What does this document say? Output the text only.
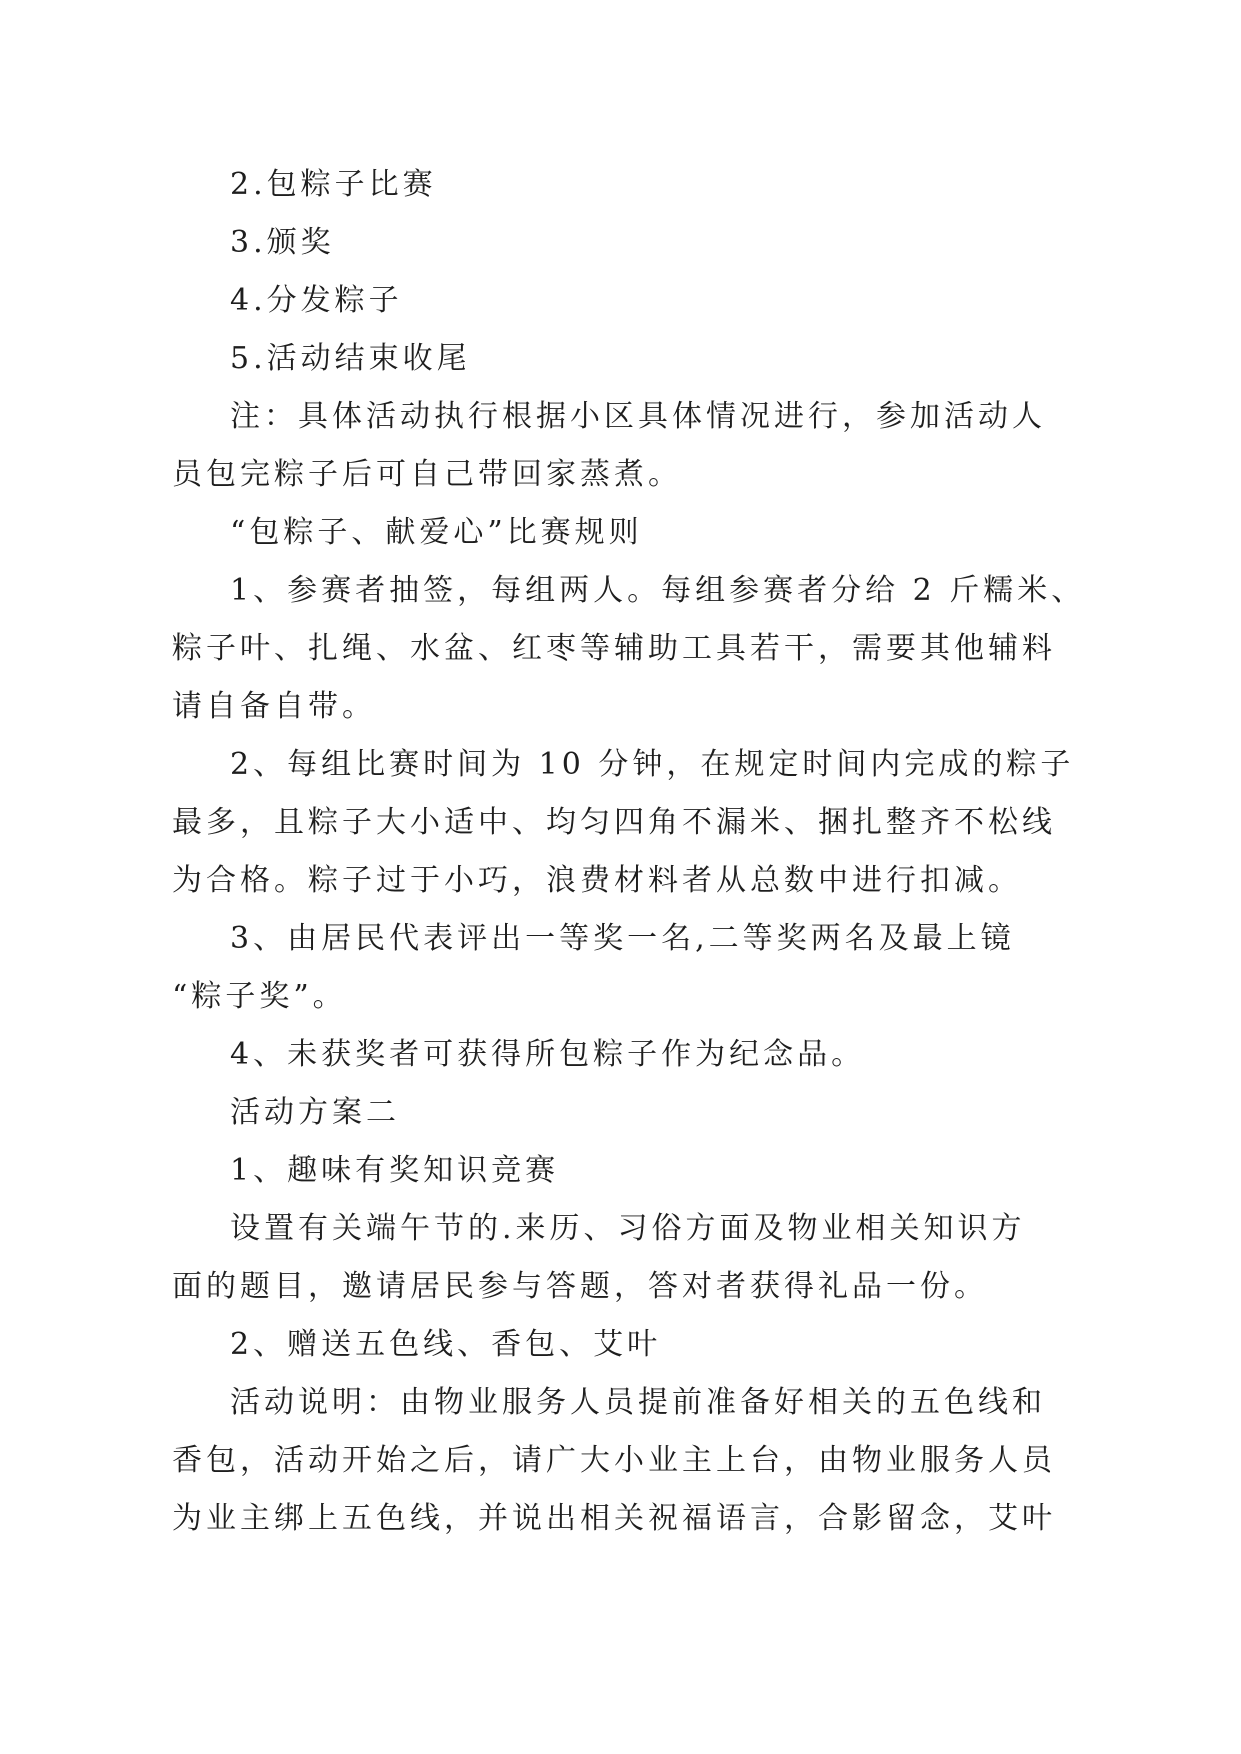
2.包粽子比赛
3.颁奖
4.分发粽子
5.活动结束收尾
注：具体活动执行根据小区具体情况进行，参加活动人
员包完粽子后可自己带回家蒸煮。
“包粽子、献爱心”比赛规则
1、参赛者抽签，每组两人。每组参赛者分给 2 斤糯米、
粽子叶、扎绳、水盆、红枣等辅助工具若干，需要其他辅料
请自备自带。
2、每组比赛时间为 10 分钟，在规定时间内完成的粽子
最多，且粽子大小适中、均匀四角不漏米、捆扎整齐不松线
为合格。粽子过于小巧，浪费材料者从总数中进行扣减。
3、由居民代表评出一等奖一名,二等奖两名及最上镜
“粽子奖”。
4、未获奖者可获得所包粽子作为纪念品。
活动方案二
1、趣味有奖知识竞赛
设置有关端午节的.来历、习俗方面及物业相关知识方
面的题目，邀请居民参与答题，答对者获得礼品一份。
2、赠送五色线、香包、艾叶
活动说明：由物业服务人员提前准备好相关的五色线和
香包，活动开始之后，请广大小业主上台，由物业服务人员
为业主绑上五色线，并说出相关祝福语言，合影留念，艾叶
